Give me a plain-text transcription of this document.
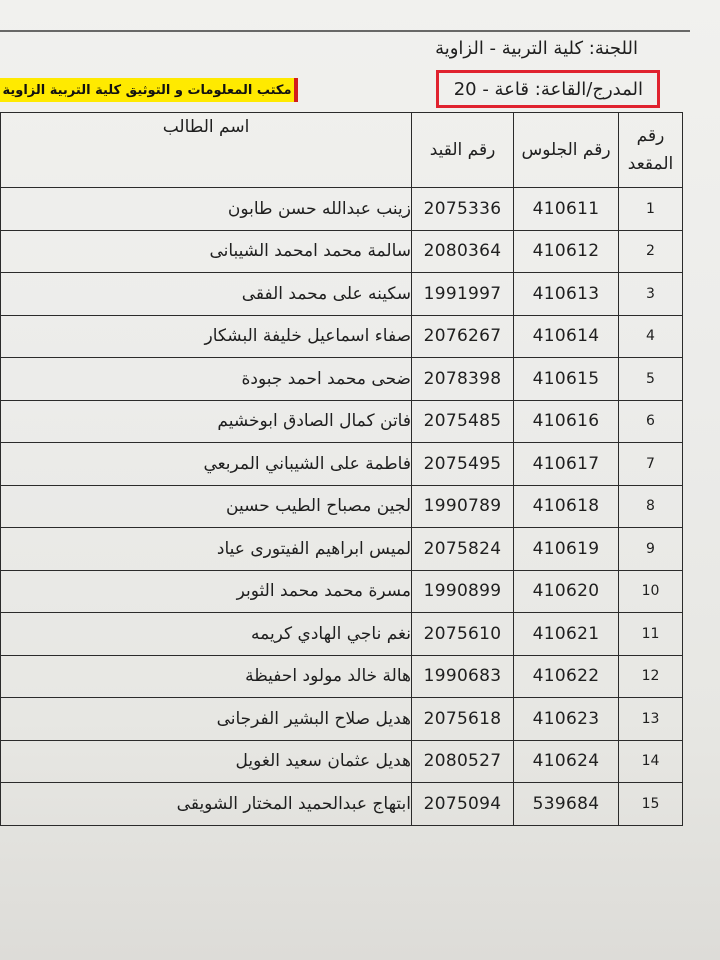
اللجنة: كلية التربية - الزاوية
المدرج/القاعة:

قاعة - 20
مكتب المعلومات و التوثيق كلية التربية الزاوية
رقم المقعد	رقم الجلوس	رقم القيد	اسم الطالب
1	410611	2075336	زينب عبدالله حسن طابون
2	410612	2080364	سالمة محمد امحمد الشيبانى
3	410613	1991997	سكينه على محمد الفقى
4	410614	2076267	صفاء اسماعيل خليفة البشكار
5	410615	2078398	ضحى محمد احمد جبودة
6	410616	2075485	فاتن كمال الصادق ابوخشيم
7	410617	2075495	فاطمة على الشيباني المربعي
8	410618	1990789	لجين مصباح الطيب حسين
9	410619	2075824	لميس ابراهيم الفيتورى عياد
10	410620	1990899	مسرة محمد محمد الثوبر
11	410621	2075610	نغم ناجي الهادي كريمه
12	410622	1990683	هالة خالد مولود احفيظة
13	410623	2075618	هديل صلاح البشير الفرجانى
14	410624	2080527	هديل عثمان سعيد الغويل
15	539684	2075094	ابتهاج عبدالحميد المختار الشويقى
